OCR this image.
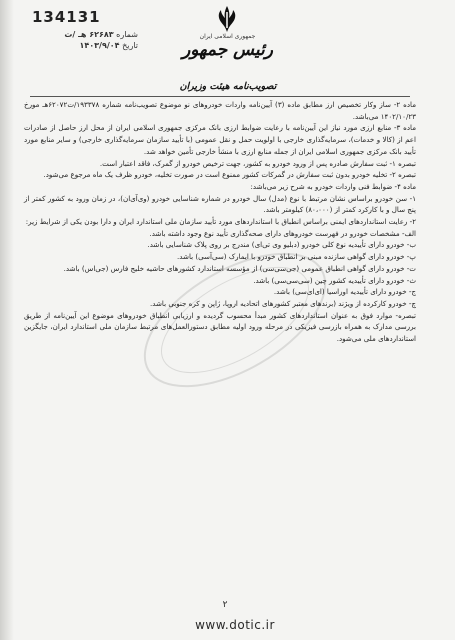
134131
شماره ۶۲۶۸۳ هـ /ت
تاریخ ۱۴۰۳/۹/۰۴
جمهوری اسلامی ایران
رئیس جمهور
تصویب‌نامه هیئت وزیران

ماده ۲- ساز وکار تخصیص ارز مطابق ماده (۳) آیین‌نامه واردات خودروهای نو موضوع تصویب‌نامه شماره ۱۹۳۳۷۸/ت۶۲۰۷۲هـ مورخ ۱۴۰۲/۱۰/۲۳ می‌باشد.

ماده ۳- منابع ارزی مورد نیاز این آیین‌نامه با رعایت ضوابط ارزی بانک مرکزی جمهوری اسلامی ایران از محل ارز حاصل از صادرات اعم از (کالا و خدمات)، سرمایه‌گذاری خارجی با اولویت حمل و نقل عمومی (با تأیید سازمان سرمایه‌گذاری خارجی) و سایر منابع مورد تأیید بانک مرکزی جمهوری اسلامی ایران از جمله منابع ارزی با منشأ خارجی تأمین خواهد شد.

تبصره ۱- ثبت سفارش صادره پس از ورود خودرو به کشور، جهت ترخیص خودرو از گمرک، فاقد اعتبار است.

تبصره ۲- تخلیه خودرو بدون ثبت سفارش در گمرکات کشور ممنوع است در صورت تخلیه، خودرو ظرف یک ماه مرجوع می‌شود.

ماده ۴- ضوابط فنی واردات خودرو به شرح زیر می‌باشد:

۱- سن خودرو براساس نشان مرتبط با نوع (مدل) سال خودرو در شماره شناسایی خودرو (وی‌آی‌ان)، در زمان ورود به کشور کمتر از پنج سال و با کارکرد کمتر از (۸۰،۰۰۰) کیلومتر باشد.

۲- رعایت استانداردهای ایمنی براساس انطباق با استانداردهای مورد تأیید سازمان ملی استاندارد ایران و دارا بودن یکی از شرایط زیر:

الف- مشخصات خودرو در فهرست خودروهای دارای صحه‌گذاری تأیید نوع وجود داشته باشد.

ب- خودرو دارای تأییدیه نوع کلی خودرو (دبلیو وی تی‌ای) مندرج بر روی پلاک شناسایی باشد.

پ- خودرو دارای گواهی سازنده مبنی بر انطباق خودرو با ایمارک (سی‌آسی) باشد.

ت- خودرو دارای گواهی انطباق عمومی (جی‌سی‌سی) از مؤسسه استاندارد کشورهای حاشیه خلیج فارس (جی‌اس) باشد.

ث- خودرو دارای تأییدیه کشور چین (سی‌سی‌سی) باشد.

ج- خودرو دارای تأییدیه اوراسیا (ای‌ای‌سی) باشد.

چ- خودرو کارکرده از ویژند (برندهای معتبر کشورهای اتحادیه اروپا، ژاپن و کره جنوبی باشد.

تبصره- موارد فوق به عنوان استانداردهای کشور مبدأ محسوب گردیده و ارزیابی انطباق خودروهای موضوع این آیین‌نامه از طریق بررسی مدارک به همراه بازرسی فیزیکی در مرحله ورود اولیه مطابق دستورالعمل‌های مرتبط سازمان ملی استاندارد ایران، جایگزین استانداردهای ملی می‌شود.

۲
www.dotic.ir
